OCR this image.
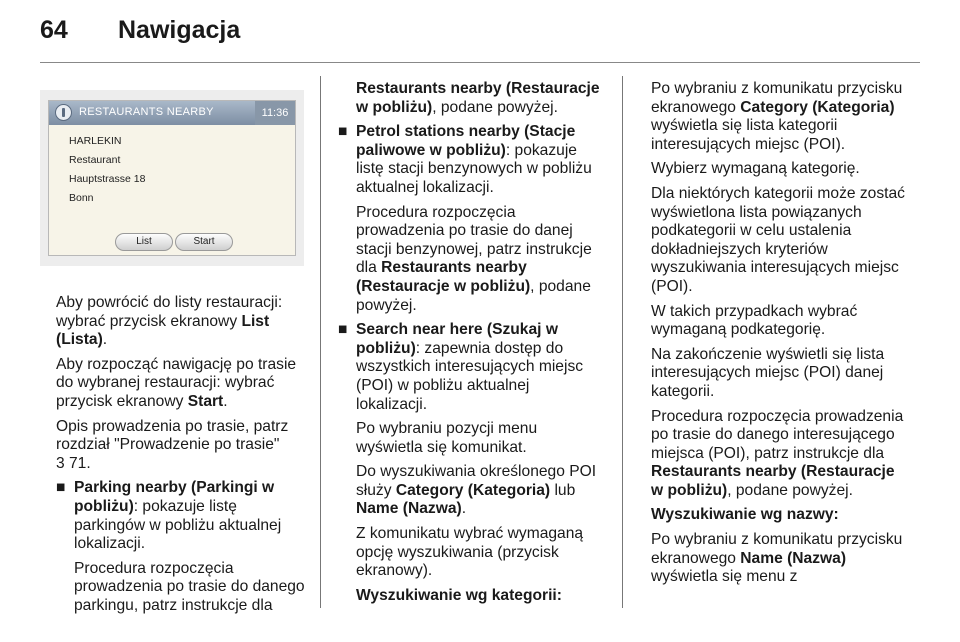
64 Nawigacja
RESTAURANTS NEARBY	11:36
HARLEKIN
Restaurant
Hauptstrasse 18
Bonn
List	Start

Aby powrócić do listy restauracji: wybrać przycisk ekranowy List (Lista).

Aby rozpocząć nawigację po trasie do wybranej restauracji: wybrać przycisk ekranowy Start.

Opis prowadzenia po trasie, patrz rozdział "Prowadzenie po trasie"
3 71.

■ Parking nearby (Parkingi w pobliżu): pokazuje listę parkingów w pobliżu aktualnej lokalizacji.

Procedura rozpoczęcia prowadzenia po trasie do danego parkingu, patrz instrukcje dla

Restaurants nearby (Restauracje w pobliżu), podane powyżej.

■ Petrol stations nearby (Stacje paliwowe w pobliżu): pokazuje listę stacji benzynowych w pobliżu aktualnej lokalizacji.

Procedura rozpoczęcia prowadzenia po trasie do danej stacji benzynowej, patrz instrukcje dla Restaurants nearby (Restauracje w pobliżu), podane powyżej.

■ Search near here (Szukaj w pobliżu): zapewnia dostęp do wszystkich interesujących miejsc (POI) w pobliżu aktualnej lokalizacji.

Po wybraniu pozycji menu wyświetla się komunikat.

Do wyszukiwania określonego POI służy Category (Kategoria) lub Name (Nazwa).

Z komunikatu wybrać wymaganą opcję wyszukiwania (przycisk ekranowy).

Wyszukiwanie wg kategorii:

Po wybraniu z komunikatu przycisku ekranowego Category (Kategoria) wyświetla się lista kategorii interesujących miejsc (POI).

Wybierz wymaganą kategorię.

Dla niektórych kategorii może zostać wyświetlona lista powiązanych podkategorii w celu ustalenia dokładniejszych kryteriów wyszukiwania interesujących miejsc (POI).

W takich przypadkach wybrać wymaganą podkategorię.

Na zakończenie wyświetli się lista interesujących miejsc (POI) danej kategorii.

Procedura rozpoczęcia prowadzenia po trasie do danego interesującego miejsca (POI), patrz instrukcje dla Restaurants nearby (Restauracje w pobliżu), podane powyżej.

Wyszukiwanie wg nazwy:

Po wybraniu z komunikatu przycisku ekranowego Name (Nazwa) wyświetla się menu z
